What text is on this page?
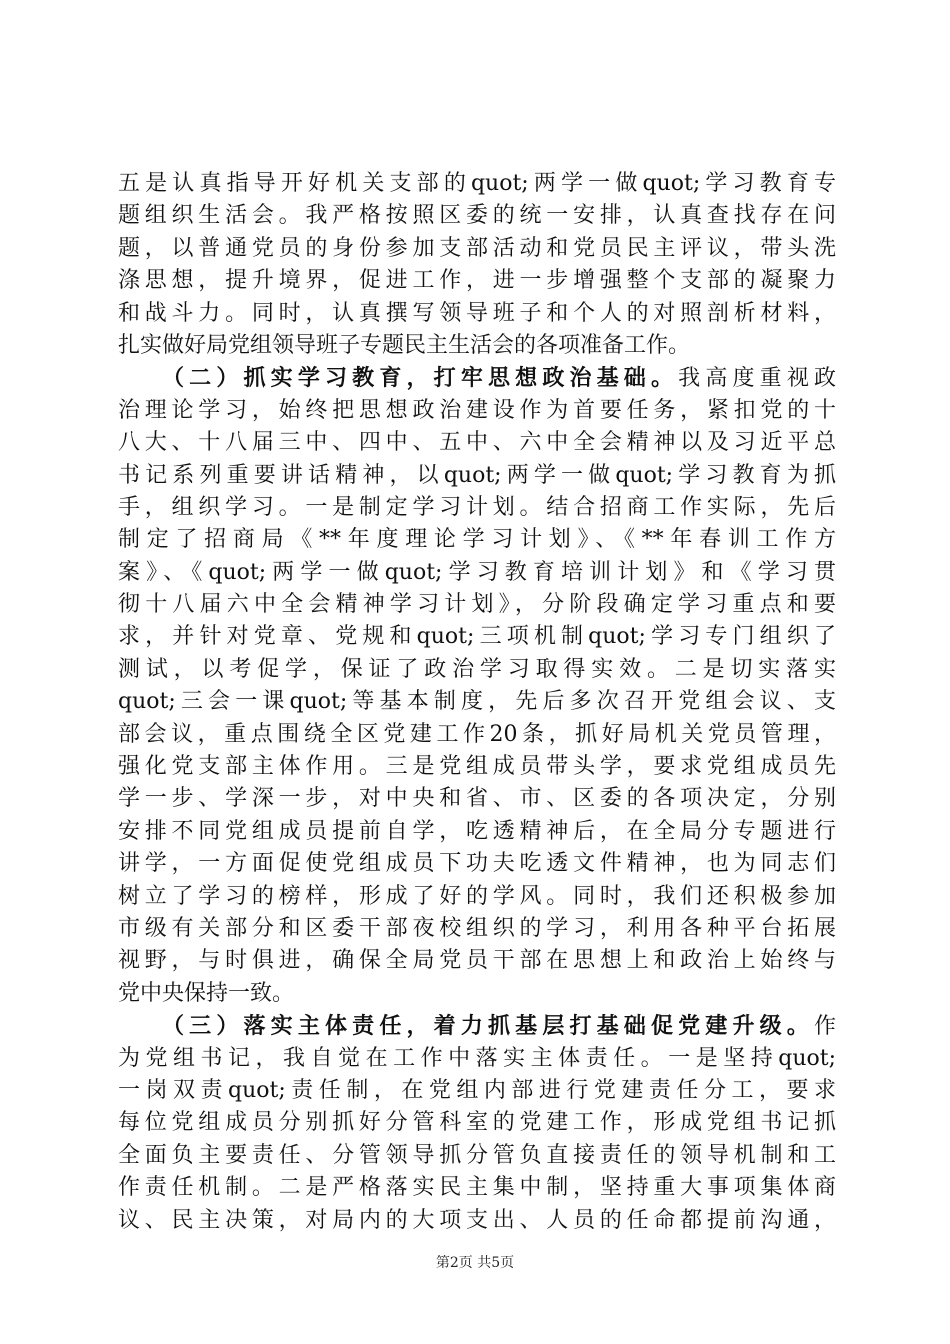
五是认真指导开好机关支部的quot;两学一做quot;学习教育专
题组织生活会。我严格按照区委的统一安排，认真查找存在问
题，以普通党员的身份参加支部活动和党员民主评议，带头洗
涤思想，提升境界，促进工作，进一步增强整个支部的凝聚力
和战斗力。同时，认真撰写领导班子和个人的对照剖析材料，
扎实做好局党组领导班子专题民主生活会的各项准备工作。
（二）抓实学习教育，打牢思想政治基础。我高度重视政
治理论学习，始终把思想政治建设作为首要任务，紧扣党的十
八大、十八届三中、四中、五中、六中全会精神以及习近平总
书记系列重要讲话精神，以quot;两学一做quot;学习教育为抓
手，组织学习。一是制定学习计划。结合招商工作实际，先后
制定了招商局《**年度理论学习计划》、《**年春训工作方
案》、《quot;两学一做quot;学习教育培训计划》和《学习贯
彻十八届六中全会精神学习计划》，分阶段确定学习重点和要
求，并针对党章、党规和quot;三项机制quot;学习专门组织了
测试，以考促学，保证了政治学习取得实效。二是切实落实
quot;三会一课quot;等基本制度，先后多次召开党组会议、支
部会议，重点围绕全区党建工作20条，抓好局机关党员管理，
强化党支部主体作用。三是党组成员带头学，要求党组成员先
学一步、学深一步，对中央和省、市、区委的各项决定，分别
安排不同党组成员提前自学，吃透精神后，在全局分专题进行
讲学，一方面促使党组成员下功夫吃透文件精神，也为同志们
树立了学习的榜样，形成了好的学风。同时，我们还积极参加
市级有关部分和区委干部夜校组织的学习，利用各种平台拓展
视野，与时俱进，确保全局党员干部在思想上和政治上始终与
党中央保持一致。
（三）落实主体责任，着力抓基层打基础促党建升级。作
为党组书记，我自觉在工作中落实主体责任。一是坚持quot;
一岗双责quot;责任制，在党组内部进行党建责任分工，要求
每位党组成员分别抓好分管科室的党建工作，形成党组书记抓
全面负主要责任、分管领导抓分管负直接责任的领导机制和工
作责任机制。二是严格落实民主集中制，坚持重大事项集体商
议、民主决策，对局内的大项支出、人员的任命都提前沟通，
第2页 共5页
